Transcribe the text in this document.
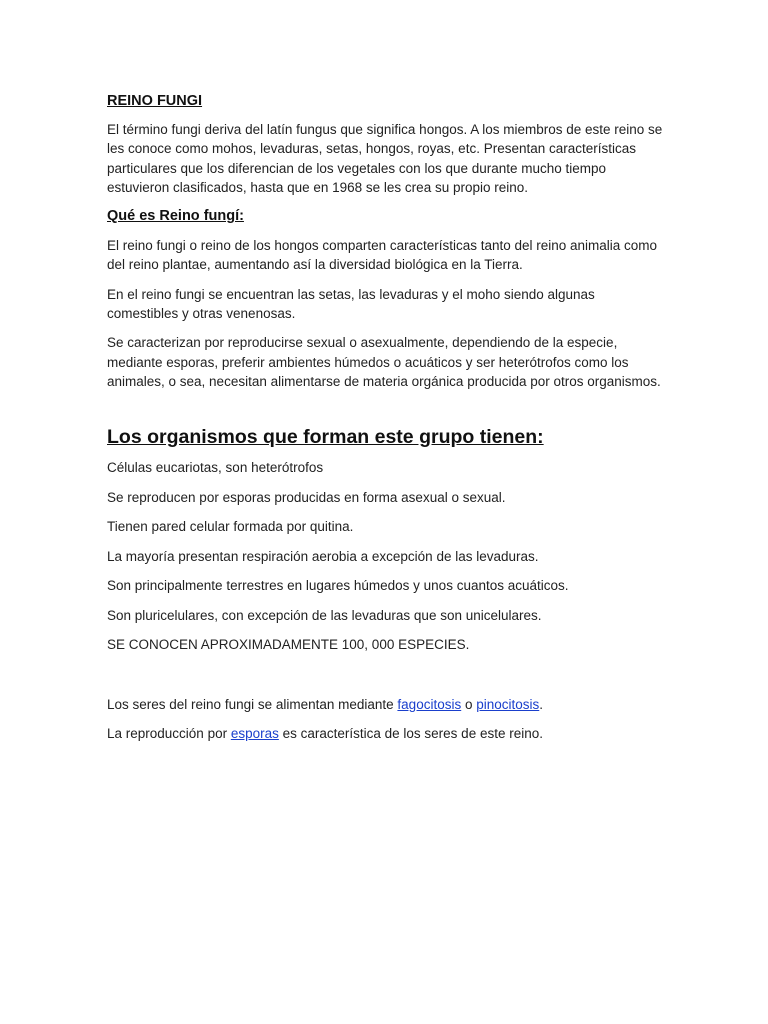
REINO FUNGI

El término fungi deriva del latín fungus que significa hongos. A los miembros de este reino se les conoce como mohos, levaduras, setas, hongos, royas, etc. Presentan características particulares que los diferencian de los vegetales con los que durante mucho tiempo estuvieron clasificados, hasta que en 1968 se les crea su propio reino.

Qué es Reino fungí:

El reino fungi o reino de los hongos comparten características tanto del reino animalia como del reino plantae, aumentando así la diversidad biológica en la Tierra.

En el reino fungi se encuentran las setas, las levaduras y el moho siendo algunas comestibles y otras venenosas.

Se caracterizan por reproducirse sexual o asexualmente, dependiendo de la especie, mediante esporas, preferir ambientes húmedos o acuáticos y ser heterótrofos como los animales, o sea, necesitan alimentarse de materia orgánica producida por otros organismos.

Los organismos que forman este grupo tienen:
Células eucariotas, son heterótrofos
Se reproducen por esporas producidas en forma asexual o sexual.
Tienen pared celular formada por quitina.
La mayoría presentan respiración aerobia a excepción de las levaduras.
Son principalmente terrestres en lugares húmedos y unos cuantos acuáticos.
Son pluricelulares, con excepción de las levaduras que son unicelulares.
SE CONOCEN APROXIMADAMENTE 100, 000 ESPECIES.

Los seres del reino fungi se alimentan mediante fagocitosis o pinocitosis.

La reproducción por esporas es característica de los seres de este reino.
